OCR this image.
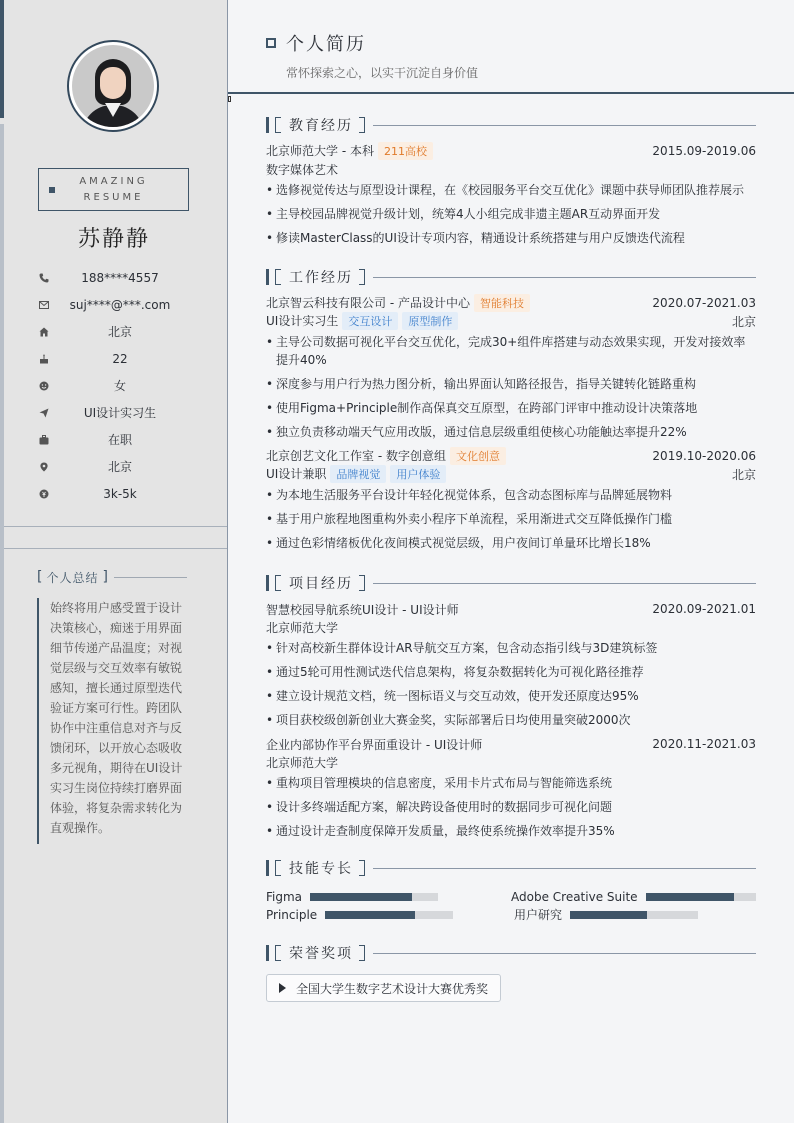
AMAZING
RESUME
苏静静
188****4557
suj****@***.com
北京
22
女
UI设计实习生
在职
北京
3k-5k
[ 个人总结 ]
始终将用户感受置于设计决策核心，痴迷于用界面细节传递产品温度；对视觉层级与交互效率有敏锐感知，擅长通过原型迭代验证方案可行性。跨团队协作中注重信息对齐与反馈闭环，以开放心态吸收多元视角，期待在UI设计实习生岗位持续打磨界面体验，将复杂需求转化为直观操作。
个人简历
常怀探索之心，以实干沉淀自身价值
教育经历
北京师范大学 - 本科 211高校	2015.09-2019.06
数字媒体艺术
• 选修视觉传达与原型设计课程，在《校园服务平台交互优化》课题中获导师团队推荐展示
• 主导校园品牌视觉升级计划，统筹4人小组完成非遗主题AR互动界面开发
• 修读MasterClass的UI设计专项内容，精通设计系统搭建与用户反馈迭代流程
工作经历
北京智云科技有限公司 - 产品设计中心 智能科技	2020.07-2021.03
UI设计实习生 交互设计 原型制作	北京
• 主导公司数据可视化平台交互优化，完成30+组件库搭建与动态效果实现，开发对接效率提升40%
• 深度参与用户行为热力图分析，输出界面认知路径报告，指导关键转化链路重构
• 使用Figma+Principle制作高保真交互原型，在跨部门评审中推动设计决策落地
• 独立负责移动端天气应用改版，通过信息层级重组使核心功能触达率提升22%
北京创艺文化工作室 - 数字创意组 文化创意	2019.10-2020.06
UI设计兼职 品牌视觉 用户体验	北京
• 为本地生活服务平台设计年轻化视觉体系，包含动态图标库与品牌延展物料
• 基于用户旅程地图重构外卖小程序下单流程，采用渐进式交互降低操作门槛
• 通过色彩情绪板优化夜间模式视觉层级，用户夜间订单量环比增长18%
项目经历
智慧校园导航系统UI设计 - UI设计师	2020.09-2021.01
北京师范大学
• 针对高校新生群体设计AR导航交互方案，包含动态指引线与3D建筑标签
• 通过5轮可用性测试迭代信息架构，将复杂数据转化为可视化路径推荐
• 建立设计规范文档，统一图标语义与交互动效，使开发还原度达95%
• 项目获校级创新创业大赛金奖，实际部署后日均使用量突破2000次
企业内部协作平台界面重设计 - UI设计师	2020.11-2021.03
北京师范大学
• 重构项目管理模块的信息密度，采用卡片式布局与智能筛选系统
• 设计多终端适配方案，解决跨设备使用时的数据同步可视化问题
• 通过设计走查制度保障开发质量，最终使系统操作效率提升35%
技能专长
Figma	Adobe Creative Suite
Principle	用户研究
荣誉奖项
全国大学生数字艺术设计大赛优秀奖
